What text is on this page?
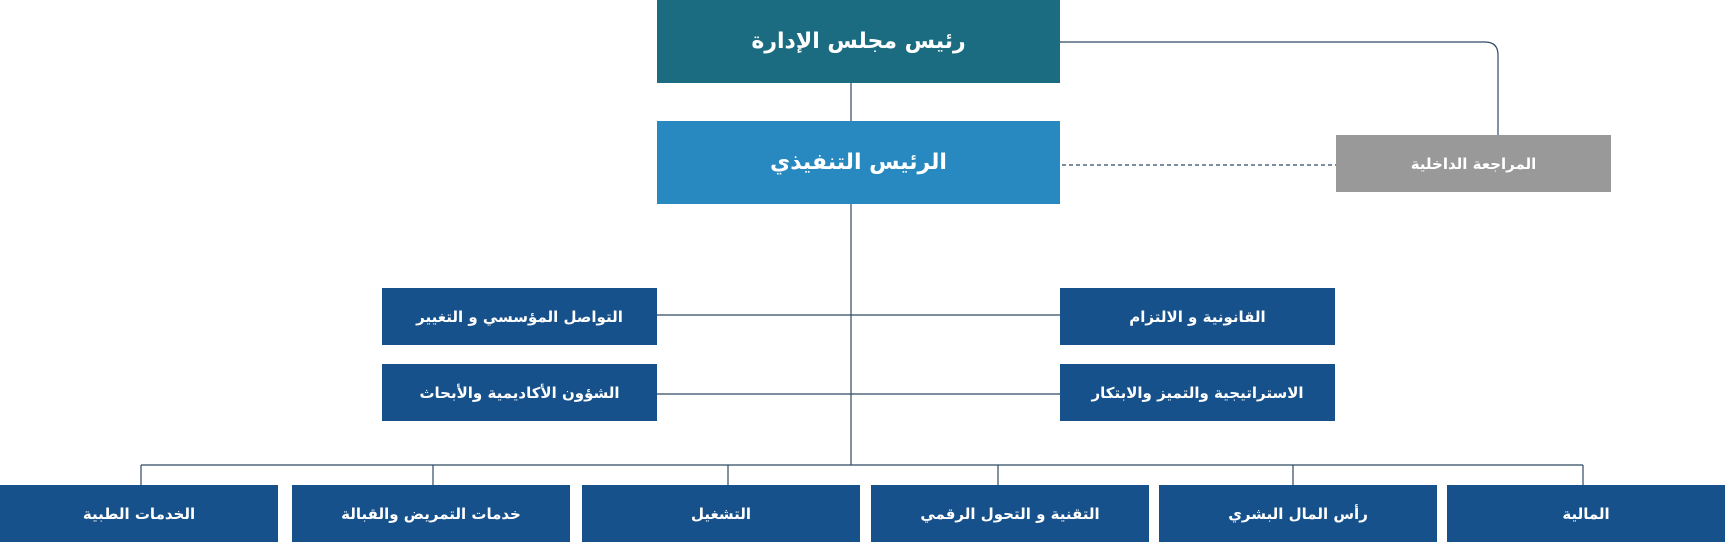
رئيس مجلس الإدارة
الرئيس التنفيذي	المراجعة الداخلية
القانونية و الالتزام
الاستراتيجية والتميز والابتكار
التواصل المؤسسي و التغيير
الشؤون الأكاديمية والأبحاث
المالية
رأس المال البشري
التقنية و التحول الرقمي
التشغيل
خدمات التمريض والقبالة
الخدمات الطبية
